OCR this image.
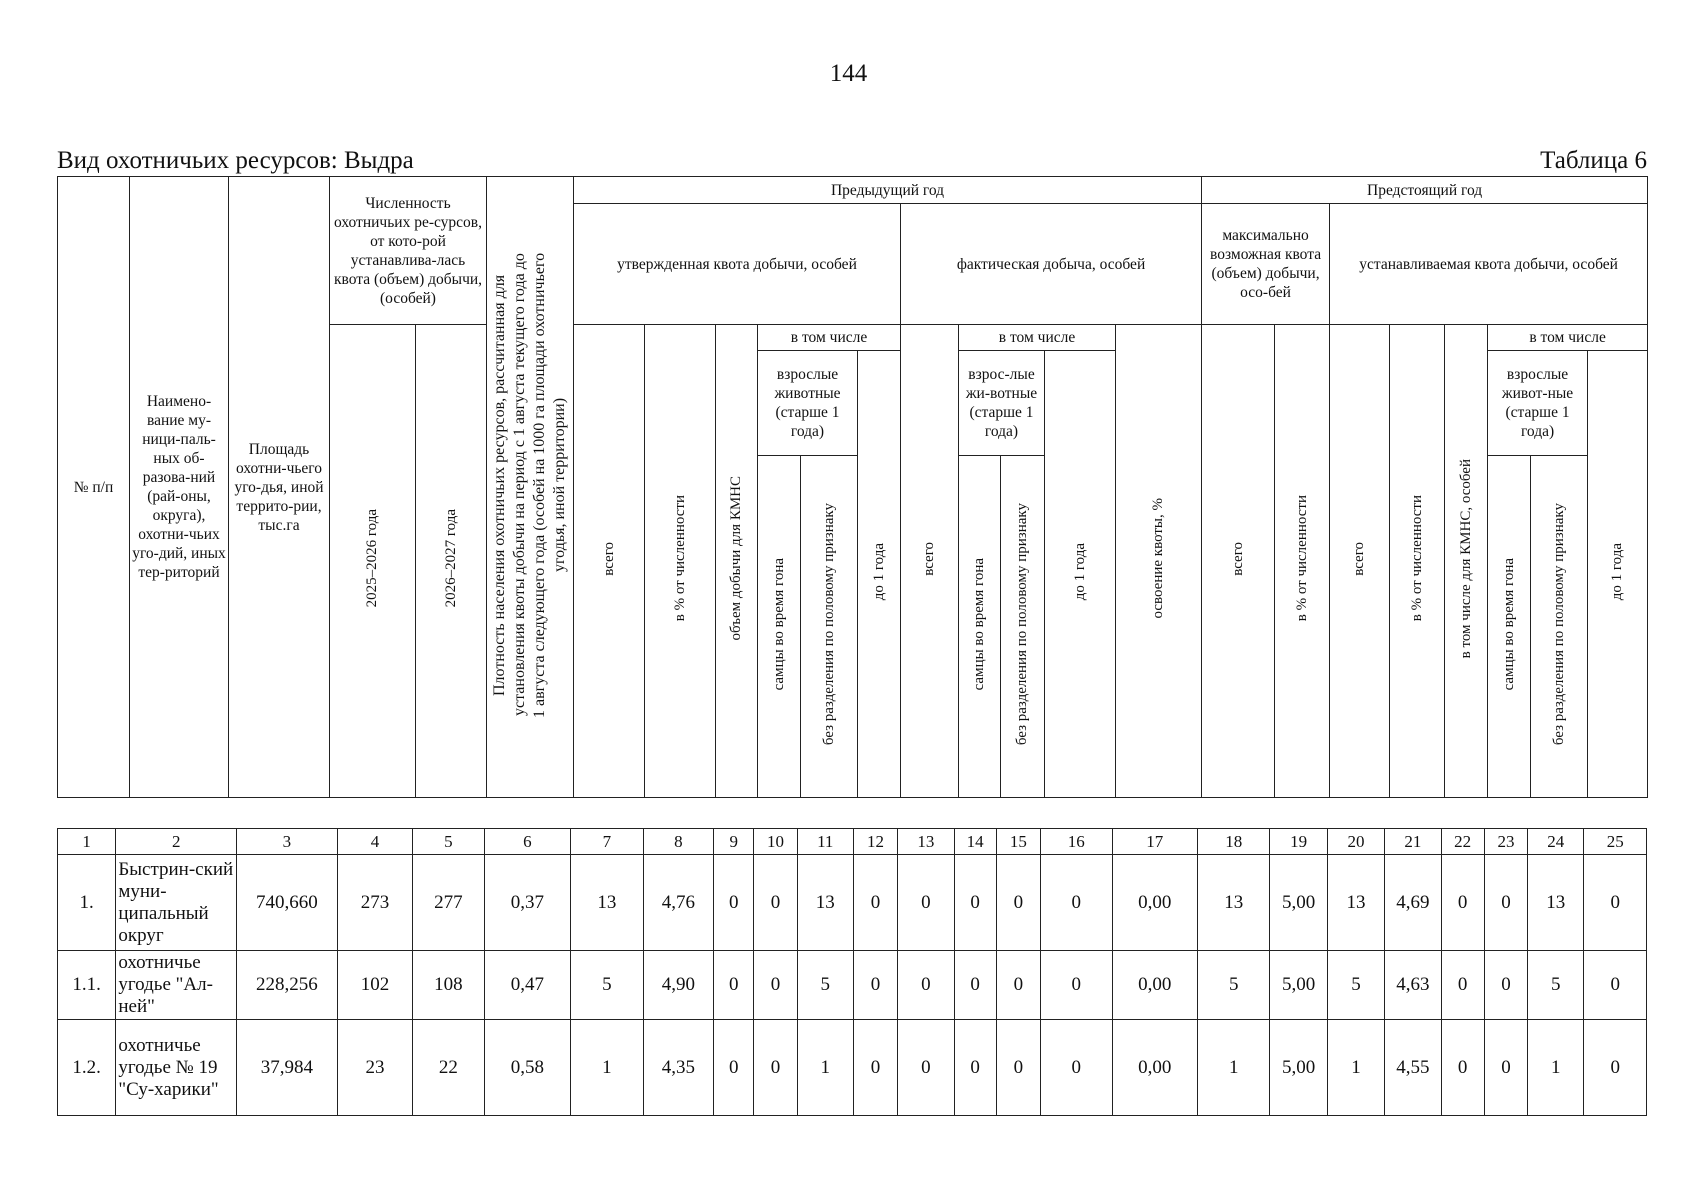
144
Вид охотничьих ресурсов: Выдра	Таблица 6
№ п/п	Наимено-вание му-ници-паль-ных об-разова-ний (рай-оны, округа), охотни-чьих уго-дий, иных тер-риторий	Площадь охотни-чьего уго-дья, иной террито-рии, тыс.га	Численность охотничьих ре-сурсов, от кото-рой устанавлива-лась квота (объем) добычи, (особей)		Плотность населения охотничьих ресурсов, рассчитанная для установления квоты добычи на период с 1 августа текущего года до 1 августа следующего года (особей на 1000 га площади охотничьего угодья, иной территории)	Предыдущий год											Предстоящий год							
						утвержденная квота добычи, особей						фактическая добыча, особей					максимально возможная квота (объем) добычи, осо-бей		устанавливаемая квота добычи, особей					
			2025–2026 года	2026–2027 года		всего	в % от численности	объем добычи для КМНС	в том числе			всего	в том числе			освоение квоты, %	всего	в % от численности	всего	в % от численности	в том числе для КМНС, особей	в том числе		
									взрослые животные (старше 1 года)		до 1 года		взрос-лые жи-вотные (старше 1 года)		до 1 года							взрослые живот-ные (старше 1 года)		до 1 года
									самцы во время гона	без разделения по половому признаку			самцы во время гона	без разделения по половому признаку								самцы во время гона	без разделения по половому признаку	

1	2	3	4	5	6	7	8	9	10	11	12	13	14	15	16	17	18	19	20	21	22	23	24	25
1.	Быстрин-ский муни-ципальный округ	740,660	273	277	0,37	13	4,76	0	0	13	0	0	0	0	0	0,00	13	5,00	13	4,69	0	0	13	0
1.1.	охотничье угодье "Ал-ней"	228,256	102	108	0,47	5	4,90	0	0	5	0	0	0	0	0	0,00	5	5,00	5	4,63	0	0	5	0
1.2.	охотничье угодье № 19 "Су-харики"	37,984	23	22	0,58	1	4,35	0	0	1	0	0	0	0	0	0,00	1	5,00	1	4,55	0	0	1	0
